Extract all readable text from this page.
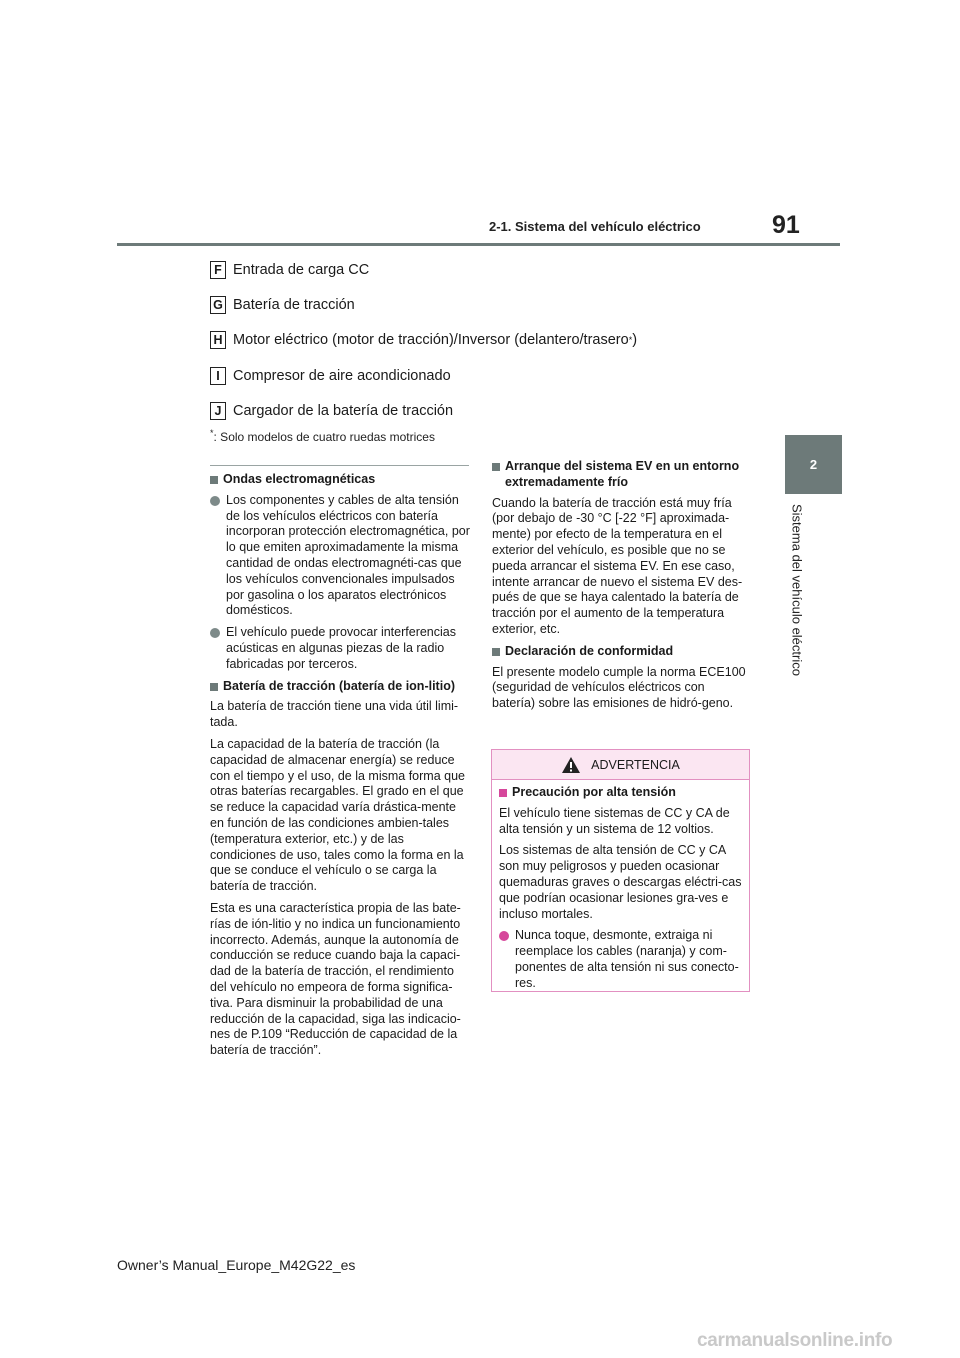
2-1. Sistema del vehículo eléctrico	91
2
Sistema del vehículo eléctrico
F Entrada de carga CC
G Batería de tracción
H Motor eléctrico (motor de tracción)/Inversor (delantero/trasero * )
I Compresor de aire acondicionado
J Cargador de la batería de tracción
*: Solo modelos de cuatro ruedas motrices

Ondas electromagnéticas

Los componentes y cables de alta tensión de los vehículos eléctricos con batería incorporan protección electromagnética, por lo que emiten aproximadamente la misma cantidad de ondas electromagnéti-cas que los vehículos convencionales impulsados por gasolina o los aparatos electrónicos domésticos.

El vehículo puede provocar interferencias acústicas en algunas piezas de la radio fabricadas por terceros.

Batería de tracción (batería de ion-litio)

La batería de tracción tiene una vida útil limi-tada.

La capacidad de la batería de tracción (la capacidad de almacenar energía) se reduce con el tiempo y el uso, de la misma forma que otras baterías recargables. El grado en el que se reduce la capacidad varía drástica-mente en función de las condiciones ambien-tales (temperatura exterior, etc.) y de las condiciones de uso, tales como la forma en la que se conduce el vehículo o se carga la batería de tracción.

Esta es una característica propia de las bate-rías de ión-litio y no indica un funcionamiento incorrecto. Además, aunque la autonomía de conducción se reduce cuando baja la capaci-dad de la batería de tracción, el rendimiento del vehículo no empeora de forma significa-tiva. Para disminuir la probabilidad de una reducción de la capacidad, siga las indicacio-nes de P.109 “Reducción de capacidad de la batería de tracción”.

Arranque del sistema EV en un entorno extremadamente frío

Cuando la batería de tracción está muy fría (por debajo de -30 °C [-22 °F] aproximada-mente) por efecto de la temperatura en el exterior del vehículo, es posible que no se pueda arrancar el sistema EV. En ese caso, intente arrancar de nuevo el sistema EV des-pués de que se haya calentado la batería de tracción por el aumento de la temperatura exterior, etc.

Declaración de conformidad

El presente modelo cumple la norma ECE100 (seguridad de vehículos eléctricos con batería) sobre las emisiones de hidró-geno.

ADVERTENCIA

Precaución por alta tensión

El vehículo tiene sistemas de CC y CA de alta tensión y un sistema de 12 voltios.

Los sistemas de alta tensión de CC y CA son muy peligrosos y pueden ocasionar quemaduras graves o descargas eléctri-cas que podrían ocasionar lesiones gra-ves e incluso mortales.

Nunca toque, desmonte, extraiga ni reemplace los cables (naranja) y com-ponentes de alta tensión ni sus conecto-res.

Owner’s Manual_Europe_M42G22_es
carmanualsonline.info
